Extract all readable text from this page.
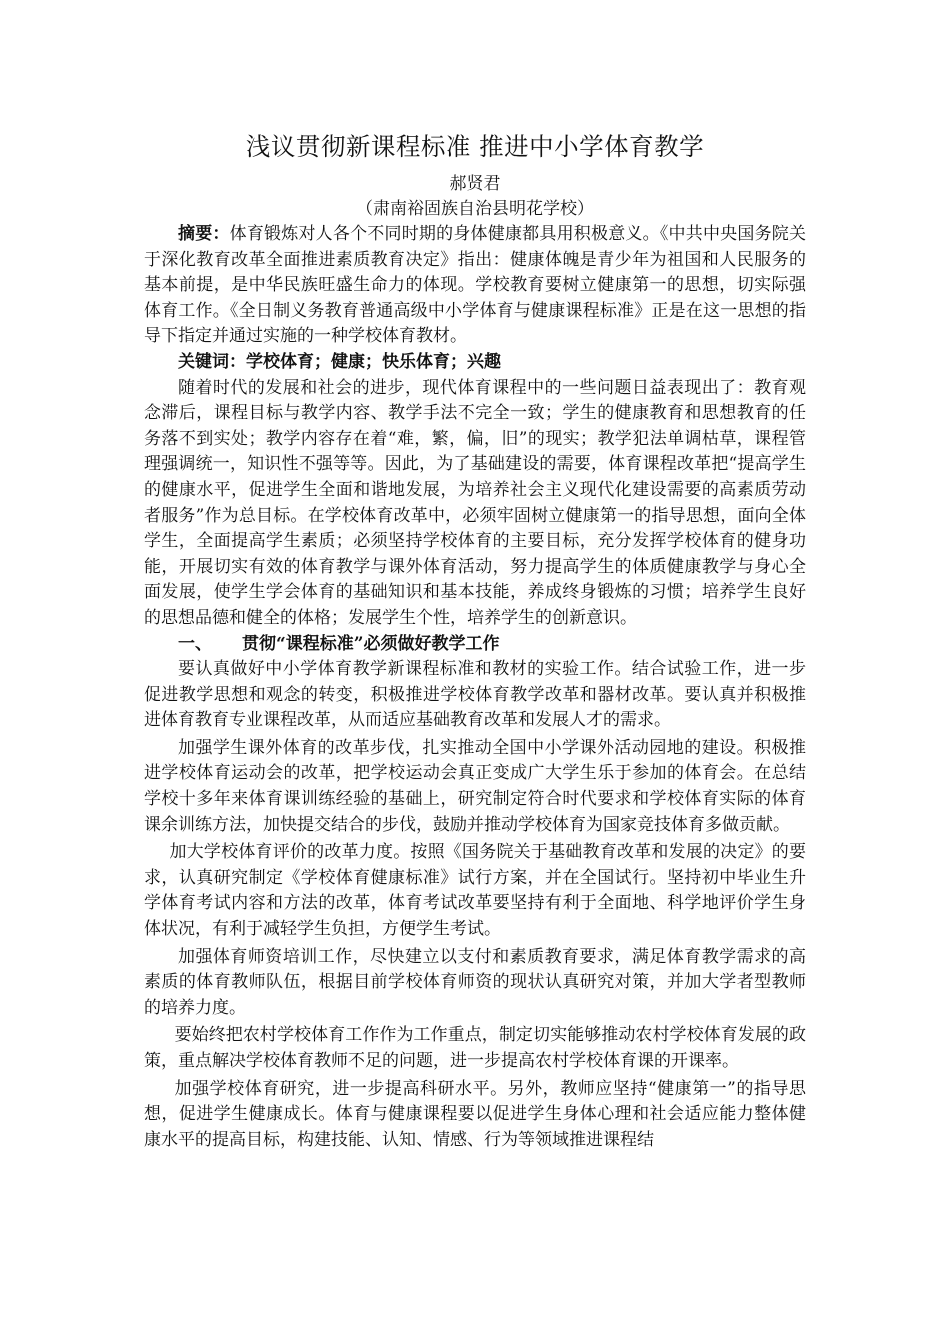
浅议贯彻新课程标准 推进中小学体育教学

郝贤君

（肃南裕固族自治县明花学校）

摘要：体育锻炼对人各个不同时期的身体健康都具用积极意义。《中共中央国务院关于深化教育改革全面推进素质教育决定》指出：健康体魄是青少年为祖国和人民服务的基本前提，是中华民族旺盛生命力的体现。学校教育要树立健康第一的思想，切实际强体育工作。《全日制义务教育普通高级中小学体育与健康课程标准》正是在这一思想的指导下指定并通过实施的一种学校体育教材。

关键词：学校体育；健康；快乐体育；兴趣

随着时代的发展和社会的进步，现代体育课程中的一些问题日益表现出了：教育观念滞后，课程目标与教学内容、教学手法不完全一致；学生的健康教育和思想教育的任务落不到实处；教学内容存在着“难，繁，偏，旧”的现实；教学犯法单调枯草，课程管理强调统一，知识性不强等等。因此，为了基础建设的需要，体育课程改革把“提高学生的健康水平，促进学生全面和谐地发展，为培养社会主义现代化建设需要的高素质劳动者服务”作为总目标。在学校体育改革中，必须牢固树立健康第一的指导思想，面向全体学生，全面提高学生素质；必须坚持学校体育的主要目标，充分发挥学校体育的健身功能，开展切实有效的体育教学与课外体育活动，努力提高学生的体质健康教学与身心全面发展，使学生学会体育的基础知识和基本技能，养成终身锻炼的习惯；培养学生良好的思想品德和健全的体格；发展学生个性，培养学生的创新意识。

一、 贯彻“课程标准”必须做好教学工作

要认真做好中小学体育教学新课程标准和教材的实验工作。结合试验工作，进一步促进教学思想和观念的转变，积极推进学校体育教学改革和器材改革。要认真并积极推进体育教育专业课程改革，从而适应基础教育改革和发展人才的需求。

加强学生课外体育的改革步伐，扎实推动全国中小学课外活动园地的建设。积极推进学校体育运动会的改革，把学校运动会真正变成广大学生乐于参加的体育会。在总结学校十多年来体育课训练经验的基础上，研究制定符合时代要求和学校体育实际的体育课余训练方法，加快提交结合的步伐，鼓励并推动学校体育为国家竞技体育多做贡献。

加大学校体育评价的改革力度。按照《国务院关于基础教育改革和发展的决定》的要求，认真研究制定《学校体育健康标准》试行方案，并在全国试行。坚持初中毕业生升学体育考试内容和方法的改革，体育考试改革要坚持有利于全面地、科学地评价学生身体状况，有利于减轻学生负担，方便学生考试。

加强体育师资培训工作，尽快建立以支付和素质教育要求，满足体育教学需求的高素质的体育教师队伍，根据目前学校体育师资的现状认真研究对策，并加大学者型教师的培养力度。

要始终把农村学校体育工作作为工作重点，制定切实能够推动农村学校体育发展的政策，重点解决学校体育教师不足的问题，进一步提高农村学校体育课的开课率。

加强学校体育研究，进一步提高科研水平。另外，教师应坚持“健康第一”的指导思想，促进学生健康成长。体育与健康课程要以促进学生身体心理和社会适应能力整体健康水平的提高目标，构建技能、认知、情感、行为等领域推进课程结
